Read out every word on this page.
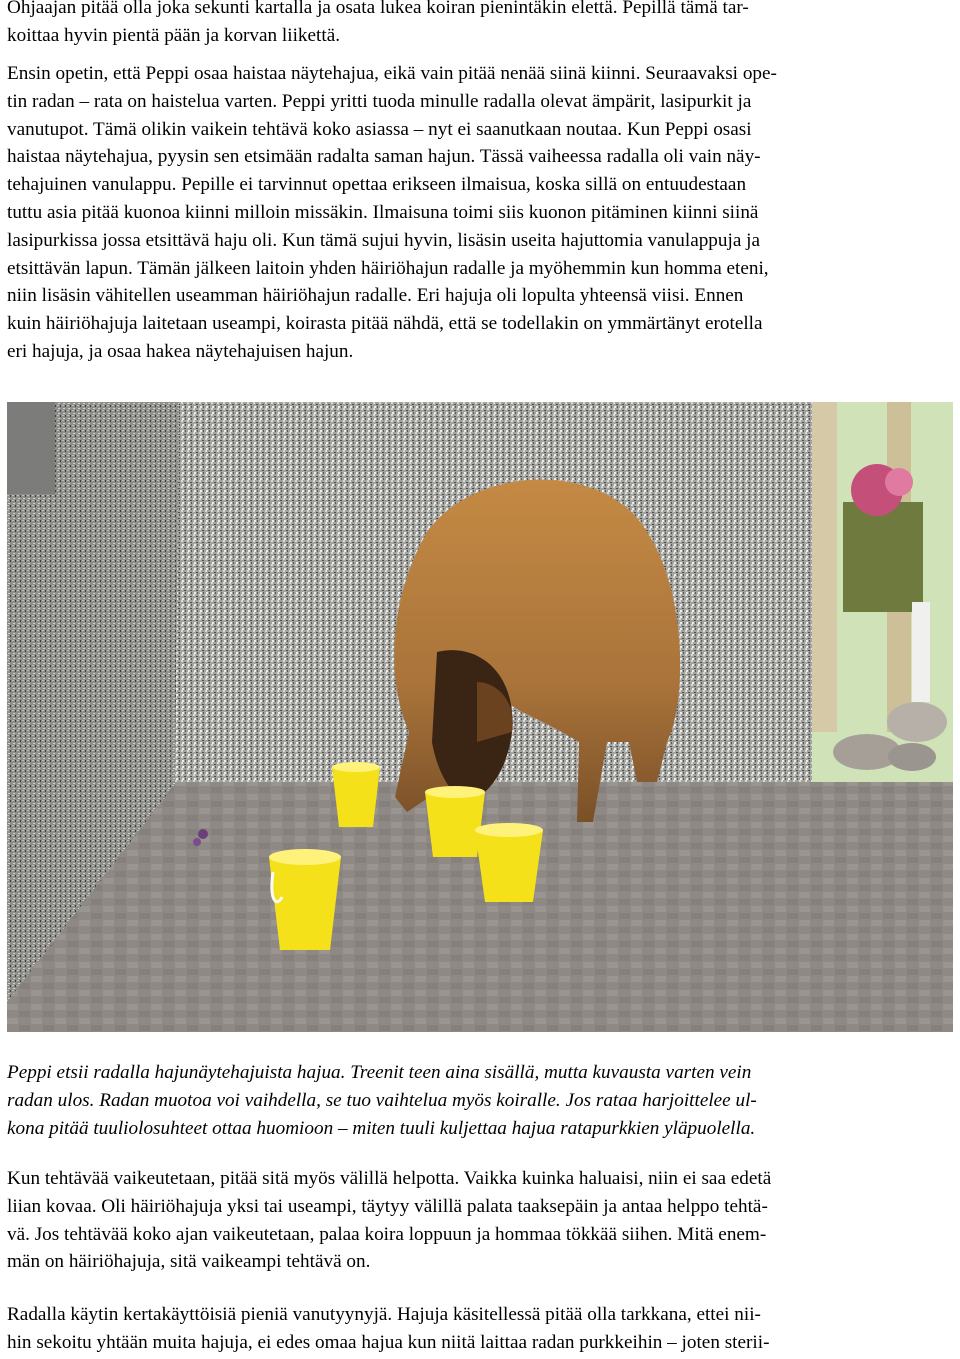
Ohjaajan pitää olla joka sekunti kartalla ja osata lukea koiran pienintäkin elettä. Pepillä tämä tar-
koittaa hyvin pientä pään ja korvan liikettä.

Ensin opetin, että Peppi osaa haistaa näytehajua, eikä vain pitää nenää siinä kiinni. Seuraavaksi ope-
tin radan – rata on haistelua varten. Peppi yritti tuoda minulle radalla olevat ämpärit, lasipurkit ja
vanutupot. Tämä olikin vaikein tehtävä koko asiassa – nyt ei saanutkaan noutaa. Kun Peppi osasi
haistaa näytehajua, pyysin sen etsimään radalta saman hajun. Tässä vaiheessa radalla oli vain näy-
tehajuinen vanulappu. Pepille ei tarvinnut opettaa erikseen ilmaisua, koska sillä on entuudestaan
tuttu asia pitää kuonoa kiinni milloin missäkin. Ilmaisuna toimi siis kuonon pitäminen kiinni siinä
lasipurkissa jossa etsittävä haju oli. Kun tämä sujui hyvin, lisäsin useita hajuttomia vanulappuja ja
etsittävän lapun. Tämän jälkeen laitoin yhden häiriöhajun radalle ja myöhemmin kun homma eteni,
niin lisäsin vähitellen useamman häiriöhajun radalle. Eri hajuja oli lopulta yhteensä viisi. Ennen
kuin häiriöhajuja laitetaan useampi, koirasta pitää nähdä, että se todellakin on ymmärtänyt erotella
eri hajuja, ja osaa hakea näytehajuisen hajun.

Peppi etsii radalla hajunäytehajuista hajua. Treenit teen aina sisällä, mutta kuvausta varten vein
radan ulos. Radan muotoa voi vaihdella, se tuo vaihtelua myös koiralle. Jos rataa harjoittelee ul-
kona pitää tuuliolosuhteet ottaa huomioon – miten tuuli kuljettaa hajua ratapurkkien yläpuolella.

Kun tehtävää vaikeutetaan, pitää sitä myös välillä helpotta. Vaikka kuinka haluaisi, niin ei saa edetä
liian kovaa. Oli häiriöhajuja yksi tai useampi, täytyy välillä palata taaksepäin ja antaa helppo tehtä-
vä. Jos tehtävää koko ajan vaikeutetaan, palaa koira loppuun ja hommaa tökkää siihen. Mitä enem-
män on häiriöhajuja, sitä vaikeampi tehtävä on.

Radalla käytin kertakäyttöisiä pieniä vanutyynyjä. Hajuja käsitellessä pitää olla tarkkana, ettei nii-
hin sekoitu yhtään muita hajuja, ei edes omaa hajua kun niitä laittaa radan purkkeihin – joten sterii-
